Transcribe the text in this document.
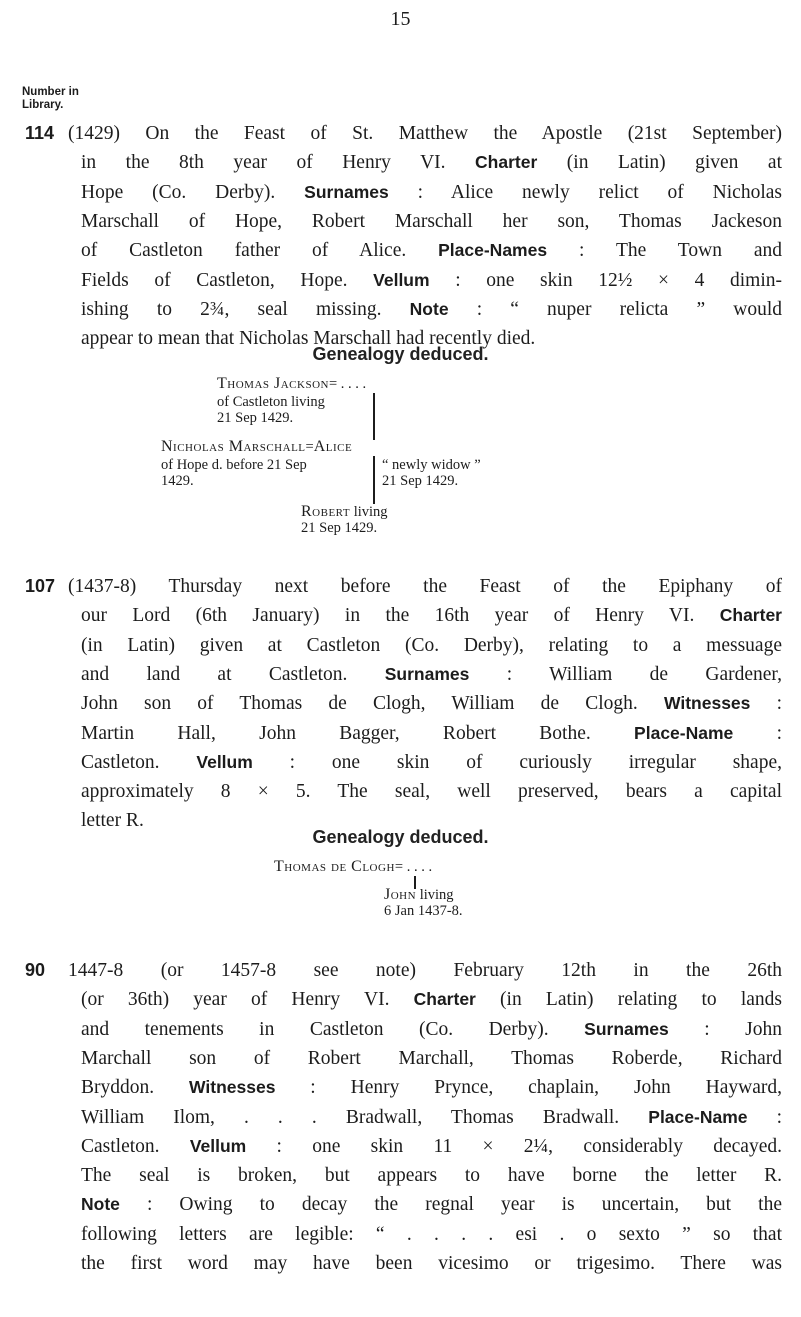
15
Number in
Library.
114 (1429) On the Feast of St. Matthew the Apostle (21st September)
in the 8th year of Henry VI. Charter (in Latin) given at
Hope (Co. Derby). Surnames : Alice newly relict of Nicholas
Marschall of Hope, Robert Marschall her son, Thomas Jackeson
of Castleton father of Alice. Place-Names : The Town and
Fields of Castleton, Hope. Vellum : one skin 12½ × 4 dimin-
ishing to 2¾, seal missing. Note : “ nuper relicta ” would
appear to mean that Nicholas Marschall had recently died.
Genealogy deduced.
Thomas Jackson= . . . .
of Castleton living
21 Sep 1429.
Nicholas Marschall=Alice
of Hope d. before 21 Sep
1429.
“ newly widow ”
21 Sep 1429.
Robert living
21 Sep 1429.
107 (1437-8) Thursday next before the Feast of the Epiphany of
our Lord (6th January) in the 16th year of Henry VI. Charter
(in Latin) given at Castleton (Co. Derby), relating to a messuage
and land at Castleton. Surnames : William de Gardener,
John son of Thomas de Clogh, William de Clogh. Witnesses :
Martin Hall, John Bagger, Robert Bothe. Place-Name :
Castleton. Vellum : one skin of curiously irregular shape,
approximately 8 × 5. The seal, well preserved, bears a capital
letter R.
Genealogy deduced.
Thomas de Clogh= . . . .
John living
6 Jan 1437-8.
90 1447-8 (or 1457-8 see note) February 12th in the 26th
(or 36th) year of Henry VI. Charter (in Latin) relating to lands
and tenements in Castleton (Co. Derby). Surnames : John
Marchall son of Robert Marchall, Thomas Roberde, Richard
Bryddon. Witnesses : Henry Prynce, chaplain, John Hayward,
William Ilom, . . . Bradwall, Thomas Bradwall. Place-Name :
Castleton. Vellum : one skin 11 × 2¼, considerably decayed.
The seal is broken, but appears to have borne the letter R.
Note : Owing to decay the regnal year is uncertain, but the
following letters are legible: “ . . . . esi . o sexto ” so that
the first word may have been vicesimo or trigesimo. There was
